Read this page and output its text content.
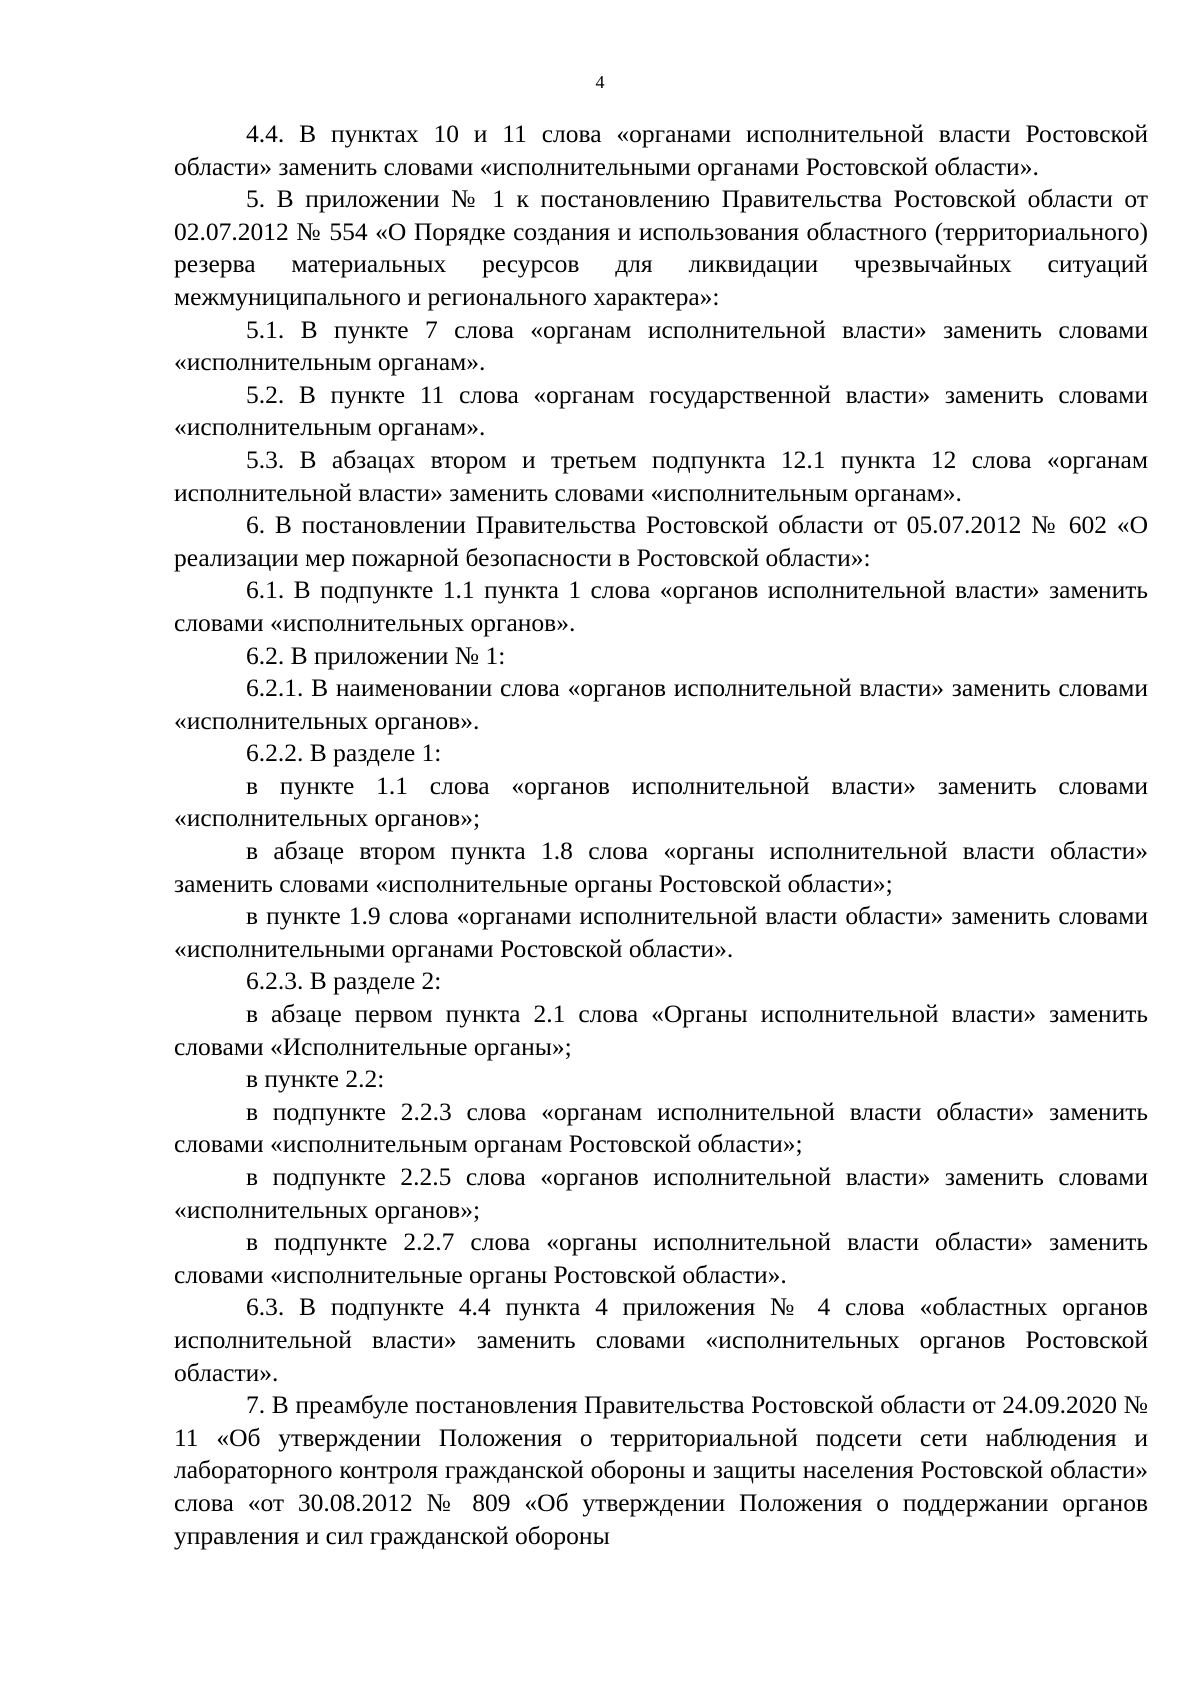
4

4.4. В пунктах 10 и 11 слова «органами исполнительной власти Ростовской области» заменить словами «исполнительными органами Ростовской области».

5. В приложении № 1 к постановлению Правительства Ростовской области от 02.07.2012 № 554 «О Порядке создания и использования областного (территориального) резерва материальных ресурсов для ликвидации чрезвычайных ситуаций межмуниципального и регионального характера»:

5.1. В пункте 7 слова «органам исполнительной власти» заменить словами «исполнительным органам».

5.2. В пункте 11 слова «органам государственной власти» заменить словами «исполнительным органам».

5.3. В абзацах втором и третьем подпункта 12.1 пункта 12 слова «органам исполнительной власти» заменить словами «исполнительным органам».

6. В постановлении Правительства Ростовской области от 05.07.2012 № 602 «О реализации мер пожарной безопасности в Ростовской области»:

6.1. В подпункте 1.1 пункта 1 слова «органов исполнительной власти» заменить словами «исполнительных органов».

6.2. В приложении № 1:

6.2.1. В наименовании слова «органов исполнительной власти» заменить словами «исполнительных органов».

6.2.2. В разделе 1:

в пункте 1.1 слова «органов исполнительной власти» заменить словами «исполнительных органов»;

в абзаце втором пункта 1.8 слова «органы исполнительной власти области» заменить словами «исполнительные органы Ростовской области»;

в пункте 1.9 слова «органами исполнительной власти области» заменить словами «исполнительными органами Ростовской области».

6.2.3. В разделе 2:

в абзаце первом пункта 2.1 слова «Органы исполнительной власти» заменить словами «Исполнительные органы»;

в пункте 2.2:

в подпункте 2.2.3 слова «органам исполнительной власти области» заменить словами «исполнительным органам Ростовской области»;

в подпункте 2.2.5 слова «органов исполнительной власти» заменить словами «исполнительных органов»;

в подпункте 2.2.7 слова «органы исполнительной власти области» заменить словами «исполнительные органы Ростовской области».

6.3. В подпункте 4.4 пункта 4 приложения № 4 слова «областных органов исполнительной власти» заменить словами «исполнительных органов Ростовской области».

7. В преамбуле постановления Правительства Ростовской области от 24.09.2020 № 11 «Об утверждении Положения о территориальной подсети сети наблюдения и лабораторного контроля гражданской обороны и защиты населения Ростовской области» слова «от 30.08.2012 № 809 «Об утверждении Положения о поддержании органов управления и сил гражданской обороны
